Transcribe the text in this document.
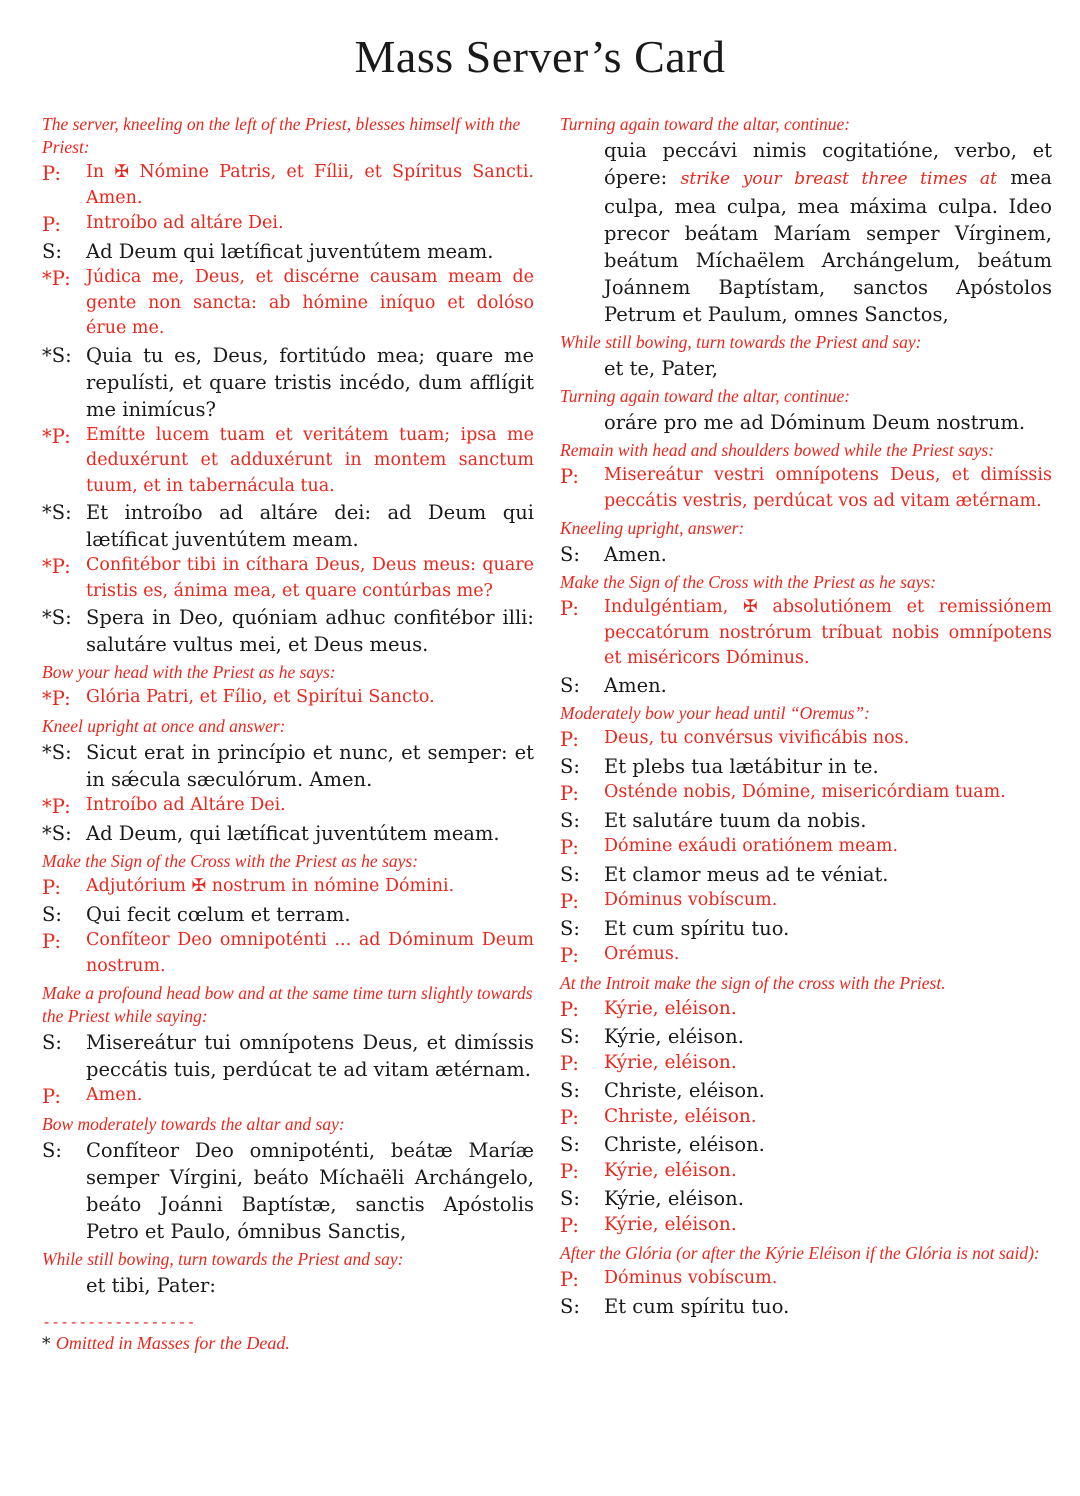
Mass Server’s Card
The server, kneeling on the left of the Priest, blesses himself with the Priest:
P:	In ✠ Nómine Patris, et Fílii, et Spíritus Sancti. Amen.
P:	Introíbo ad altáre Dei.
S:	Ad Deum qui lætíficat juventútem meam.
*P: Júdica me, Deus, et discérne causam meam de gente non sancta: ab hómine iníquo et dolóso érue me.
*S: Quia tu es, Deus, fortitúdo mea; quare me repulísti, et quare tristis incédo, dum afflígit me inimícus?
*P: Emítte lucem tuam et veritátem tuam; ipsa me deduxérunt et adduxérunt in montem sanctum tuum, et in tabernácula tua.
*S: Et introíbo ad altáre dei: ad Deum qui lætíficat juventútem meam.
*P: Confitébor tibi in cíthara Deus, Deus meus: quare tristis es, ánima mea, et quare contúrbas me?
*S: Spera in Deo, quóniam adhuc confitébor illi: salutáre vultus mei, et Deus meus.
Bow your head with the Priest as he says:
*P: Glória Patri, et Fílio, et Spirítui Sancto.
Kneel upright at once and answer:
*S: Sicut erat in princípio et nunc, et semper: et in sǽcula sæculórum. Amen.
*P: Introíbo ad Altáre Dei.
*S: Ad Deum, qui lætíficat juventútem meam.
Make the Sign of the Cross with the Priest as he says:
P:	Adjutórium ✠ nostrum in nómine Dómini.
S:	Qui fecit cœlum et terram.
P:	Confíteor Deo omnipoténti ... ad Dóminum Deum nostrum.
Make a profound head bow and at the same time turn slightly towards the Priest while saying:
S:	Misereátur tui omnípotens Deus, et dimíssis peccátis tuis, perdúcat te ad vitam ætérnam.
P:	Amen.
Bow moderately towards the altar and say:
S:	Confíteor Deo omnipoténti, beátæ Maríæ semper Vírgini, beáto Míchaëli Archángelo, beáto Joánni Baptístæ, sanctis Apóstolis Petro et Paulo, ómnibus Sanctis,
While still bowing, turn towards the Priest and say:
et tibi, Pater:
-----------------
* Omitted in Masses for the Dead.
Turning again toward the altar, continue:
quia peccávi nimis cogitatióne, verbo, et ópere: strike your breast three times at mea culpa, mea culpa, mea máxima culpa. Ideo precor beátam Maríam semper Vírginem, beátum Míchaëlem Archángelum, beátum Joánnem Baptístam, sanctos Apóstolos Petrum et Paulum, omnes Sanctos,
While still bowing, turn towards the Priest and say:
et te, Pater,
Turning again toward the altar, continue:
oráre pro me ad Dóminum Deum nostrum.
Remain with head and shoulders bowed while the Priest says:
P:	Misereátur vestri omnípotens Deus, et dimíssis peccátis vestris, perdúcat vos ad vitam ætérnam.
Kneeling upright, answer:
S:	Amen.
Make the Sign of the Cross with the Priest as he says:
P:	Indulgéntiam, ✠ absolutiónem et remissiónem peccatórum nostrórum tríbuat nobis omnípotens et miséricors Dóminus.
S:	Amen.
Moderately bow your head until “Oremus”:
P:	Deus, tu convérsus vivificábis nos.
S:	Et plebs tua lætábitur in te.
P:	Osténde nobis, Dómine, misericórdiam tuam.
S:	Et salutáre tuum da nobis.
P:	Dómine exáudi oratiónem meam.
S:	Et clamor meus ad te véniat.
P:	Dóminus vobíscum.
S:	Et cum spíritu tuo.
P:	Orémus.
At the Introit make the sign of the cross with the Priest.
P:	Kýrie, eléison.
S:	Kýrie, eléison.
P:	Kýrie, eléison.
S:	Christe, eléison.
P:	Christe, eléison.
S:	Christe, eléison.
P:	Kýrie, eléison.
S:	Kýrie, eléison.
P:	Kýrie, eléison.
After the Glória (or after the Kýrie Eléison if the Glória is not said):
P:	Dóminus vobíscum.
S:	Et cum spíritu tuo.
